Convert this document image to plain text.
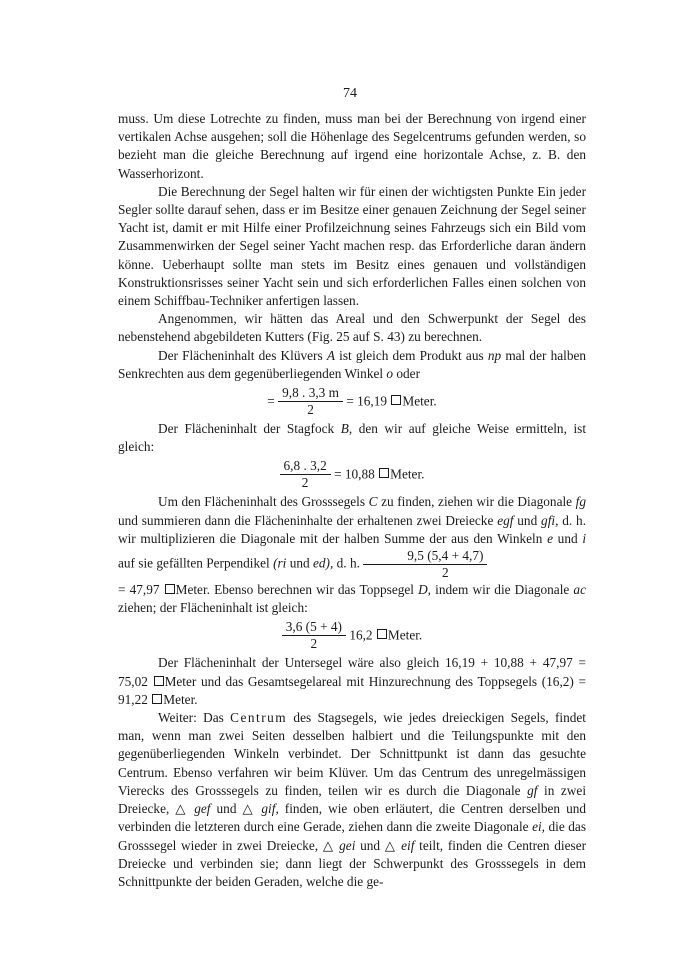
74

muss. Um diese Lotrechte zu finden, muss man bei der Berechnung von irgend einer vertikalen Achse ausgehen; soll die Höhenlage des Segelcentrums gefunden werden, so bezieht man die gleiche Berechnung auf irgend eine horizontale Achse, z. B. den Wasserhorizont.

Die Berechnung der Segel halten wir für einen der wichtigsten Punkte Ein jeder Segler sollte darauf sehen, dass er im Besitze einer genauen Zeichnung der Segel seiner Yacht ist, damit er mit Hilfe einer Profilzeichnung seines Fahrzeugs sich ein Bild vom Zusammenwirken der Segel seiner Yacht machen resp. das Erforderliche daran ändern könne. Ueberhaupt sollte man stets im Besitz eines genauen und vollständigen Konstruktionsrisses seiner Yacht sein und sich erforderlichen Falles einen solchen von einem Schiffbau-Techniker anfertigen lassen.

Angenommen, wir hätten das Areal und den Schwerpunkt der Segel des nebenstehend abgebildeten Kutters (Fig. 25 auf S. 43) zu berechnen.

Der Flächeninhalt des Klüvers A ist gleich dem Produkt aus np mal der halben Senkrechten aus dem gegenüberliegenden Winkel o oder

= $\frac{9,8 . 3,3 m}{2} = 16,19$ Meter.

Der Flächeninhalt der Stagfock B, den wir auf gleiche Weise ermitteln, ist gleich:

$\frac{6,8 . 3,2}{2} = 10,88$ Meter.

Um den Flächeninhalt des Grosssegels C zu finden, ziehen wir die Diagonale fg und summieren dann die Flächeninhalte der erhaltenen zwei Dreiecke egf und gfi, d. h. wir multiplizieren die Diagonale mit der halben Summe der aus den Winkeln e und i auf sie gefällten Perpendikel (ri und ed), d. h. $\frac{9,5 (5,4 + 4,7)}{2}$

= 47,97 Meter. Ebenso berechnen wir das Toppsegel D, indem wir die Diagonale ac ziehen; der Flächeninhalt ist gleich:

$\frac{3,6 (5 + 4)}{2} 16,2$ Meter.

Der Flächeninhalt der Untersegel wäre also gleich 16,19 + 10,88 + 47,97 = 75,02 Meter und das Gesamtsegelareal mit Hinzurechnung des Toppsegels (16,2) = 91,22 Meter.

Weiter: Das Centrum des Stagsegels, wie jedes dreieckigen Segels, findet man, wenn man zwei Seiten desselben halbiert und die Teilungspunkte mit den gegenüberliegenden Winkeln verbindet. Der Schnittpunkt ist dann das gesuchte Centrum. Ebenso verfahren wir beim Klüver. Um das Centrum des unregelmässigen Vierecks des Grosssegels zu finden, teilen wir es durch die Diagonale gf in zwei Dreiecke, △ gef und △ gif, finden, wie oben erläutert, die Centren derselben und verbinden die letzteren durch eine Gerade, ziehen dann die zweite Diagonale ei, die das Grosssegel wieder in zwei Dreiecke, △ gei und △ eif teilt, finden die Centren dieser Dreiecke und verbinden sie; dann liegt der Schwerpunkt des Grosssegels in dem Schnittpunkte der beiden Geraden, welche die ge-
